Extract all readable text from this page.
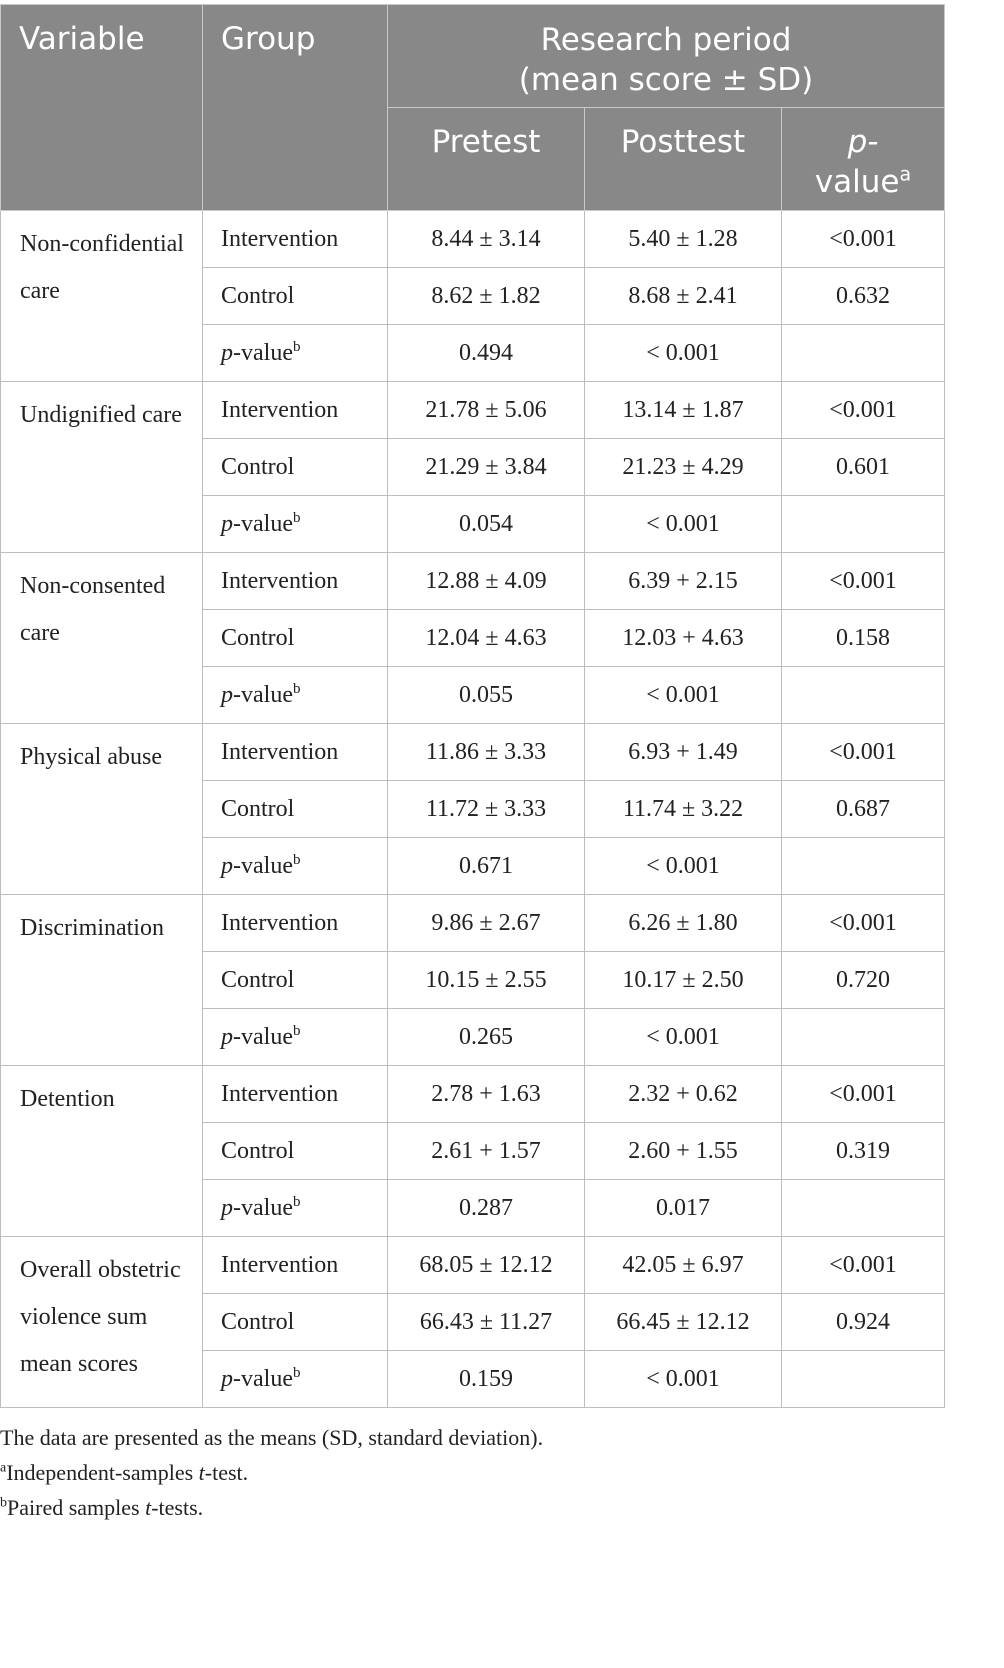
Variable	Group	Research period
(mean score ± SD)		
		Pretest	Posttest	p-
value$^a$
Non-confidential care	Intervention	8.44 ± 3.14	5.40 ± 1.28	<0.001
	Control	8.62 ± 1.82	8.68 ± 2.41	0.632
	p-value$^b$	0.494	< 0.001	
Undignified care	Intervention	21.78 ± 5.06	13.14 ± 1.87	<0.001
	Control	21.29 ± 3.84	21.23 ± 4.29	0.601
	p-value$^b$	0.054	< 0.001	
Non-consented care	Intervention	12.88 ± 4.09	6.39 + 2.15	<0.001
	Control	12.04 ± 4.63	12.03 + 4.63	0.158
	p-value$^b$	0.055	< 0.001	
Physical abuse	Intervention	11.86 ± 3.33	6.93 + 1.49	<0.001
	Control	11.72 ± 3.33	11.74 ± 3.22	0.687
	p-value$^b$	0.671	< 0.001	
Discrimination	Intervention	9.86 ± 2.67	6.26 ± 1.80	<0.001
	Control	10.15 ± 2.55	10.17 ± 2.50	0.720
	p-value$^b$	0.265	< 0.001	
Detention	Intervention	2.78 + 1.63	2.32 + 0.62	<0.001
	Control	2.61 + 1.57	2.60 + 1.55	0.319
	p-value$^b$	0.287	0.017	
Overall obstetric violence sum mean scores	Intervention	68.05 ± 12.12	42.05 ± 6.97	<0.001
	Control	66.43 ± 11.27	66.45 ± 12.12	0.924
	p-value$^b$	0.159	< 0.001	
The data are presented as the means (SD, standard deviation).
$^a$Independent-samples t-test.
$^b$Paired samples t-tests.
